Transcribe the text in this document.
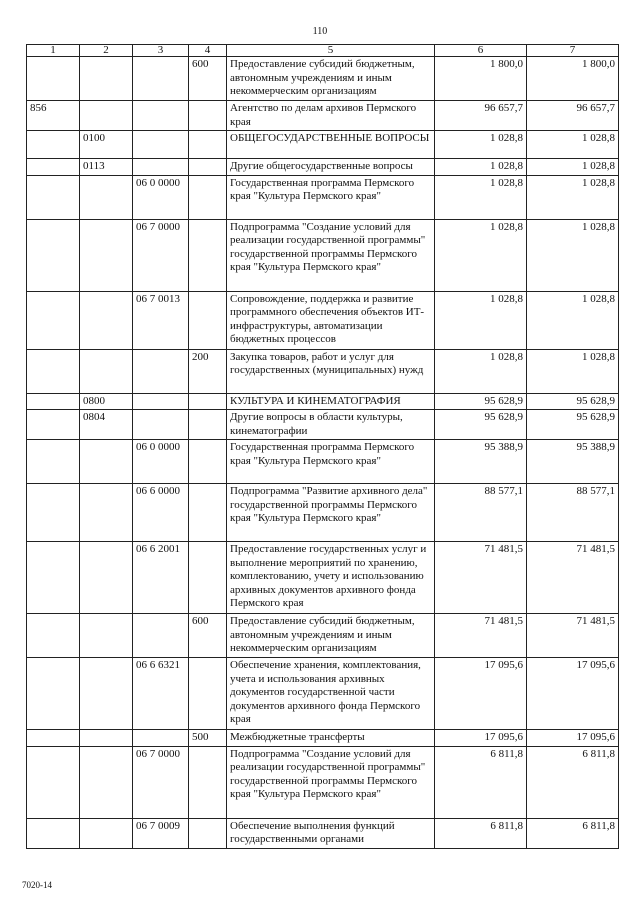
110
1	2	3	4	5	6	7
			600	Предоставление субсидий бюджетным, автономным учреждениям и иным некоммерческим организациям	1 800,0	1 800,0
856				Агентство по делам архивов Пермского края	96 657,7	96 657,7
	0100			ОБЩЕГОСУДАРСТВЕННЫЕ ВОПРОСЫ	1 028,8	1 028,8
	0113			Другие общегосударственные вопросы	1 028,8	1 028,8
		06 0 0000		Государственная программа Пермского края "Культура Пермского края"	1 028,8	1 028,8
		06 7 0000		Подпрограмма "Создание условий для реализации государственной программы" государственной программы Пермского края "Культура Пермского края"	1 028,8	1 028,8
		06 7 0013		Сопровождение, поддержка и развитие программного обеспечения объектов ИТ-инфраструктуры, автоматизации бюджетных процессов	1 028,8	1 028,8
			200	Закупка товаров, работ и услуг для государственных (муниципальных) нужд	1 028,8	1 028,8
	0800			КУЛЬТУРА И КИНЕМАТОГРАФИЯ	95 628,9	95 628,9
	0804			Другие вопросы в области культуры, кинематографии	95 628,9	95 628,9
		06 0 0000		Государственная программа Пермского края "Культура Пермского края"	95 388,9	95 388,9
		06 6 0000		Подпрограмма "Развитие архивного дела" государственной программы Пермского края "Культура Пермского края"	88 577,1	88 577,1
		06 6 2001		Предоставление государственных услуг и выполнение мероприятий по хранению, комплектованию, учету и использованию архивных документов архивного фонда Пермского края	71 481,5	71 481,5
			600	Предоставление субсидий бюджетным, автономным учреждениям и иным некоммерческим организациям	71 481,5	71 481,5
		06 6 6321		Обеспечение хранения, комплектования, учета и использования архивных документов государственной части документов архивного фонда Пермского края	17 095,6	17 095,6
			500	Межбюджетные трансферты	17 095,6	17 095,6
		06 7 0000		Подпрограмма "Создание условий для реализации государственной программы" государственной программы Пермского края "Культура Пермского края"	6 811,8	6 811,8
		06 7 0009		Обеспечение выполнения функций государственными органами	6 811,8	6 811,8
7020-14
